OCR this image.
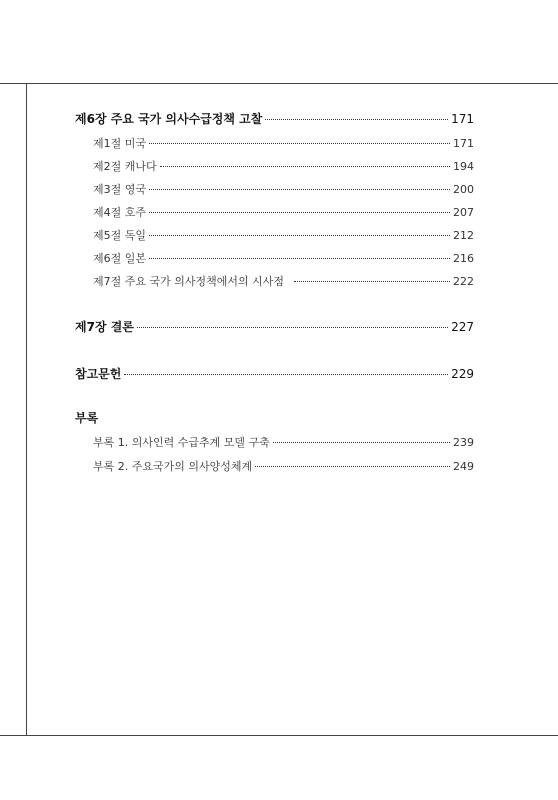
제6장 주요 국가 의사수급정책 고찰	171
제1절 미국	171
제2절 캐나다	194
제3절 영국	200
제4절 호주	207
제5절 독일	212
제6절 일본	216
제7절 주요 국가 의사정책에서의 시사점	222
제7장 결론	227
참고문헌	229
부록
부록 1. 의사인력 수급추계 모델 구축	239
부록 2. 주요국가의 의사양성체계	249
